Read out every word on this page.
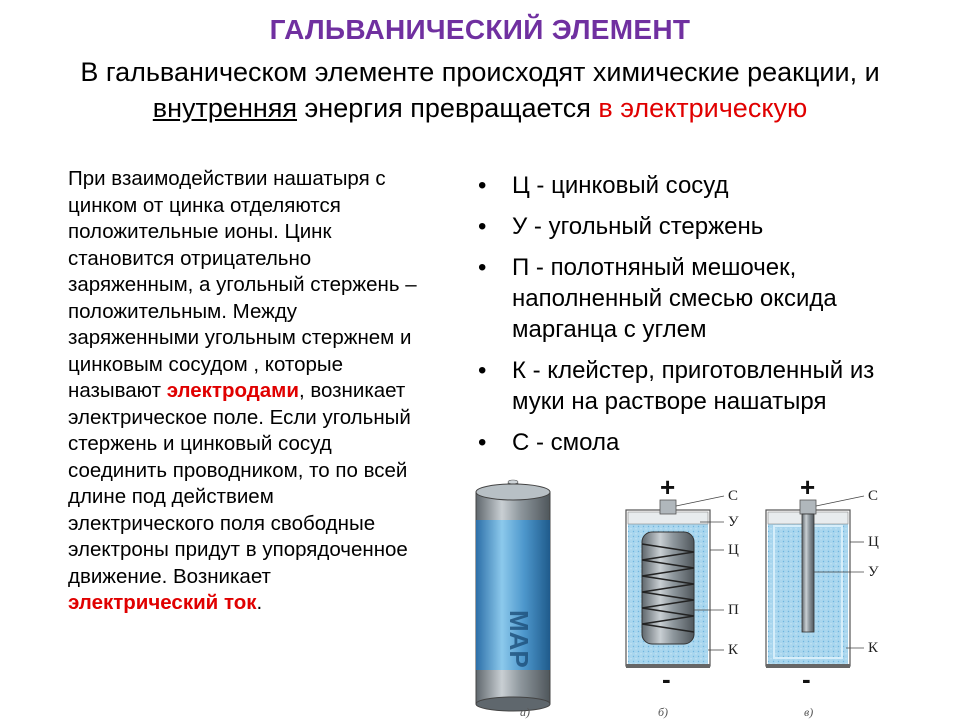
ГАЛЬВАНИЧЕСКИЙ ЭЛЕМЕНТ
В гальваническом элементе происходят химические реакции, и внутренняя энергия превращается в электрическую
При взаимодействии нашатыря с цинком от цинка отделяются положительные ионы. Цинк становится отрицательно заряженным, а угольный стержень – положительным. Между заряженными угольным стержнем и цинковым сосудом , которые называют электродами, возникает электрическое поле. Если угольный стержень и цинковый сосуд соединить проводником, то по всей длине под действием электрического поля свободные электроны придут в упорядоченное движение. Возникает электрический ток.
• Ц - цинковый сосуд
• У - угольный стержень
• П - полотняный мешочек, наполненный смесью оксида марганца с углем
• К - клейстер, приготовленный из муки на растворе нашатыря
• С - смола
MAP
а)
+
-
С
У
Ц
П
К
б)
+
-
С
Ц
У
К
в)
